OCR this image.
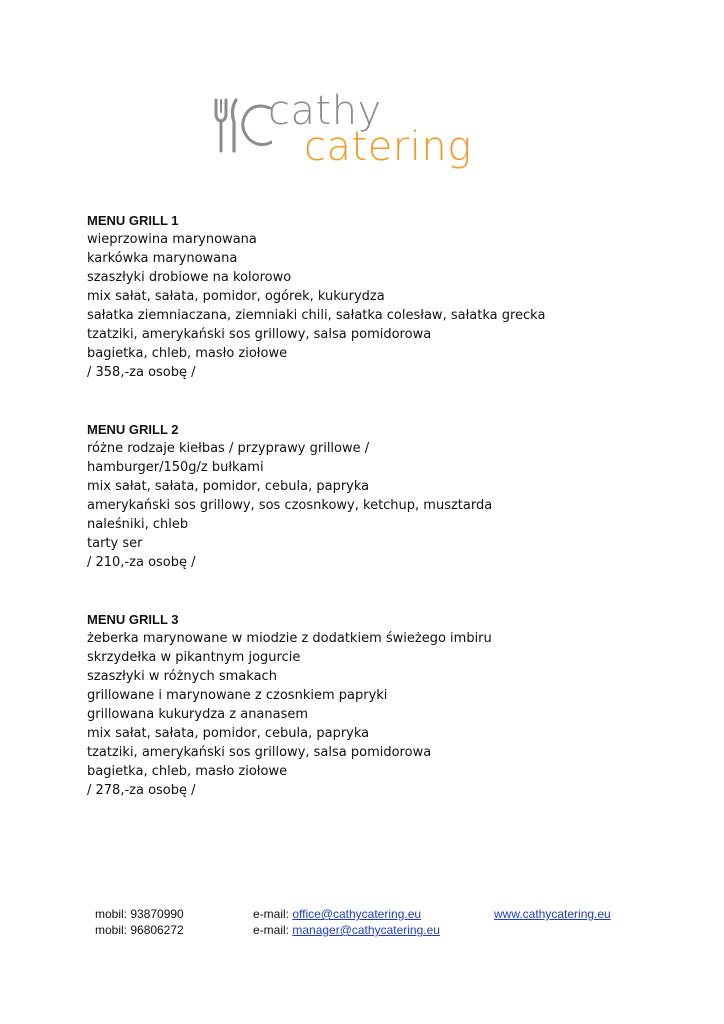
cathy
catering
MENU GRILL 1
wieprzowina marynowana
karkówka marynowana
szaszłyki drobiowe na kolorowo
mix sałat, sałata, pomidor, ogórek, kukurydza
sałatka ziemniaczana, ziemniaki chili, sałatka colesław, sałatka grecka
tzatziki, amerykański sos grillowy, salsa pomidorowa
bagietka, chleb, masło ziołowe
/ 358,-za osobę /
MENU GRILL 2
różne rodzaje kiełbas / przyprawy grillowe /
hamburger/150g/z bułkami
mix sałat, sałata, pomidor, cebula, papryka
amerykański sos grillowy, sos czosnkowy, ketchup, musztarda
naleśniki, chleb
tarty ser
/ 210,-za osobę /
MENU GRILL 3
żeberka marynowane w miodzie z dodatkiem świeżego imbiru
skrzydełka w pikantnym jogurcie
szaszłyki w różnych smakach
grillowane i marynowane z czosnkiem papryki
grillowana kukurydza z ananasem
mix sałat, sałata, pomidor, cebula, papryka
tzatziki, amerykański sos grillowy, salsa pomidorowa
bagietka, chleb, masło ziołowe
/ 278,-za osobę /
mobil: 93870990	e-mail: office@cathycatering.eu	www.cathycatering.eu
mobil: 96806272	e-mail: manager@cathycatering.eu
